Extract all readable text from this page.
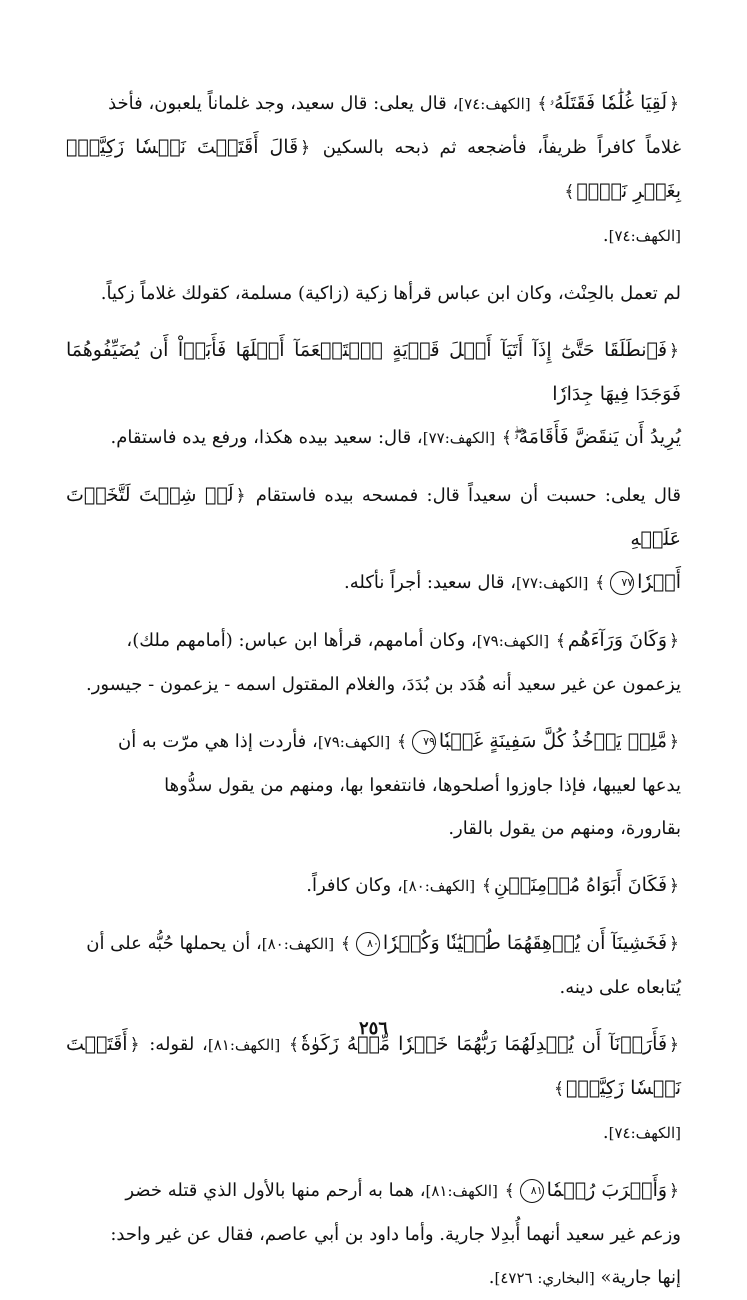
﴿لَقِيَا غُلَٰمٗا فَقَتَلَهُۥ﴾ [الكهف:٧٤]، قال يعلى: قال سعيد، وجد غلماناً يلعبون، فأخذ
غلاماً كافراً ظريفاً، فأضجعه ثم ذبحه بالسكين ﴿قَالَ أَقَتَلۡتَ نَفۡسٗا زَكِيَّةَۢ بِغَيۡرِ نَفۡسٖ﴾
[الكهف:٧٤].

لم تعمل بالحِنْث، وكان ابن عباس قرأها زكية (زاكية) مسلمة، كقولك غلاماً زكياً.

﴿فَٱنطَلَقَا حَتَّىٰٓ إِذَآ أَتَيَآ أَهۡلَ قَرۡيَةٍ ٱسۡتَطۡعَمَآ أَهۡلَهَا فَأَبَوۡاْ أَن يُضَيِّفُوهُمَا فَوَجَدَا فِيهَا جِدَارٗا
يُرِيدُ أَن يَنقَضَّ فَأَقَامَهُۥۖ﴾ [الكهف:٧٧]، قال: سعيد بيده هكذا، ورفع يده فاستقام.

قال يعلى: حسبت أن سعيداً قال: فمسحه بيده فاستقام ﴿لَوۡ شِئۡتَ لَتَّخَذۡتَ عَلَيۡهِ
أَجۡرٗا٧٧﴾ [الكهف:٧٧]، قال سعيد: أجراً نأكله.

﴿وَكَانَ وَرَآءَهُم﴾ [الكهف:٧٩]، وكان أمامهم، قرأها ابن عباس: (أمامهم ملك)،
يزعمون عن غير سعيد أنه هُدَد بن بُدَدَ، والغلام المقتول اسمه - يزعمون - جيسور.

﴿مَّلِكٞ يَأۡخُذُ كُلَّ سَفِينَةٍ غَصۡبٗا٧٩﴾ [الكهف:٧٩]، فأردت إذا هي مرّت به أن
يدعها لعيبها، فإذا جاوزوا أصلحوها، فانتفعوا بها، ومنهم من يقول سدُّوها
بقارورة، ومنهم من يقول بالقار.

﴿فَكَانَ أَبَوَاهُ مُؤۡمِنَيۡنِ﴾ [الكهف:٨٠]، وكان كافراً.

﴿فَخَشِينَآ أَن يُرۡهِقَهُمَا طُغۡيَٰنٗا وَكُفۡرٗا٨٠﴾ [الكهف:٨٠]، أن يحملها حُبُّه على أن
يُتابعاه على دينه.

﴿فَأَرَدۡنَآ أَن يُبۡدِلَهُمَا رَبُّهُمَا خَيۡرٗا مِّنۡهُ زَكَوٰةٗ﴾ [الكهف:٨١]، لقوله: ﴿أَقَتَلۡتَ نَفۡسٗا زَكِيَّةَۢ﴾
[الكهف:٧٤].

﴿وَأَقۡرَبَ رُحۡمٗا٨١﴾ [الكهف:٨١]، هما به أرحم منها بالأول الذي قتله خضر
وزعم غير سعيد أنهما أُبدِلا جارية. وأما داود بن أبي عاصم، فقال عن غير واحد:
إنها جارية» [البخاري: ٤٧٢٦].

٢٥٦
